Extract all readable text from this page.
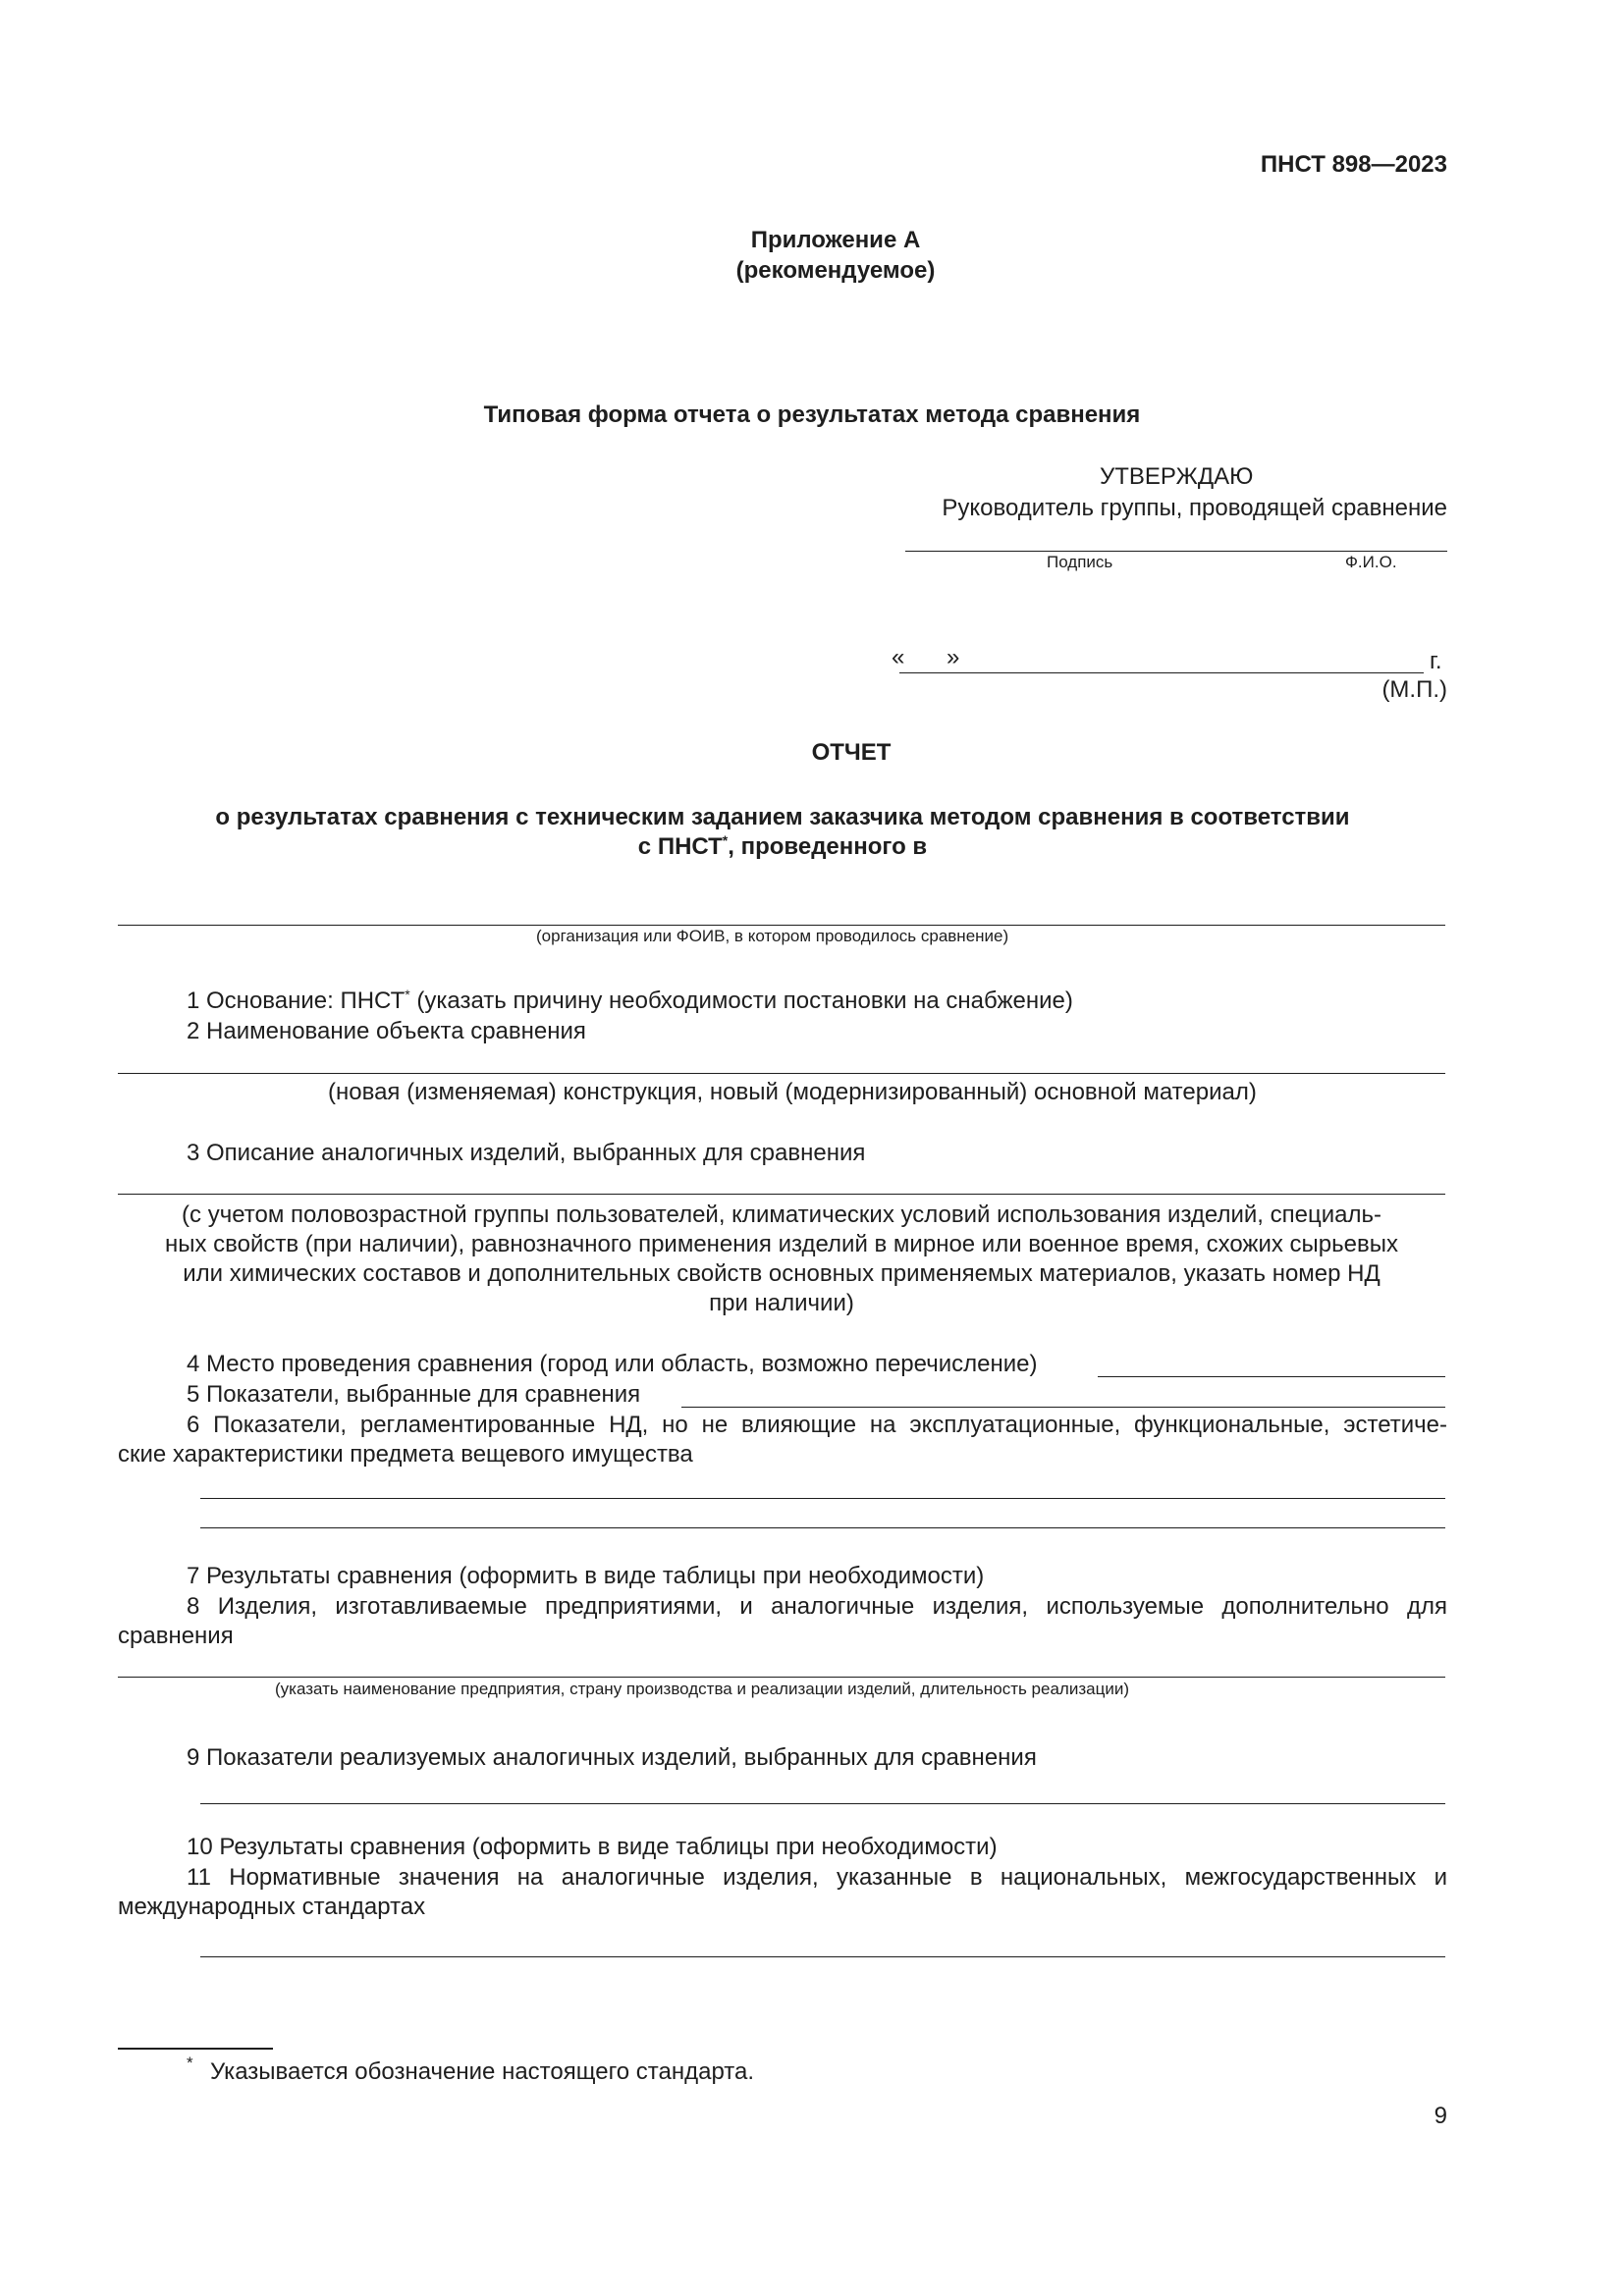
ПНСТ 898—2023
Приложение А
(рекомендуемое)
Типовая форма отчета о результатах метода сравнения
УТВЕРЖДАЮ
Руководитель группы, проводящей сравнение
Подпись	Ф.И.О.
« »	г.
(М.П.)
ОТЧЕТ
о результатах сравнения с техническим заданием заказчика методом сравнения в соответствии
с ПНСТ*, проведенного в
(организация или ФОИВ, в котором проводилось сравнение)
1 Основание: ПНСТ* (указать причину необходимости постановки на снабжение)
2 Наименование объекта сравнения
(новая (изменяемая) конструкция, новый (модернизированный) основной материал)
3 Описание аналогичных изделий, выбранных для сравнения
(с учетом половозрастной группы пользователей, климатических условий использования изделий, специаль-
ных свойств (при наличии), равнозначного применения изделий в мирное или военное время, схожих сырьевых
или химических составов и дополнительных свойств основных применяемых материалов, указать номер НД
при наличии)
4 Место проведения сравнения (город или область, возможно перечисление)
5 Показатели, выбранные для сравнения
6 Показатели, регламентированные НД, но не влияющие на эксплуатационные, функциональные, эстетиче-
ские характеристики предмета вещевого имущества
7 Результаты сравнения (оформить в виде таблицы при необходимости)
8 Изделия, изготавливаемые предприятиями, и аналогичные изделия, используемые дополнительно для
сравнения
(указать наименование предприятия, страну производства и реализации изделий, длительность реализации)
9 Показатели реализуемых аналогичных изделий, выбранных для сравнения
10 Результаты сравнения (оформить в виде таблицы при необходимости)
11 Нормативные значения на аналогичные изделия, указанные в национальных, межгосударственных и
международных стандартах
* Указывается обозначение настоящего стандарта.
9
